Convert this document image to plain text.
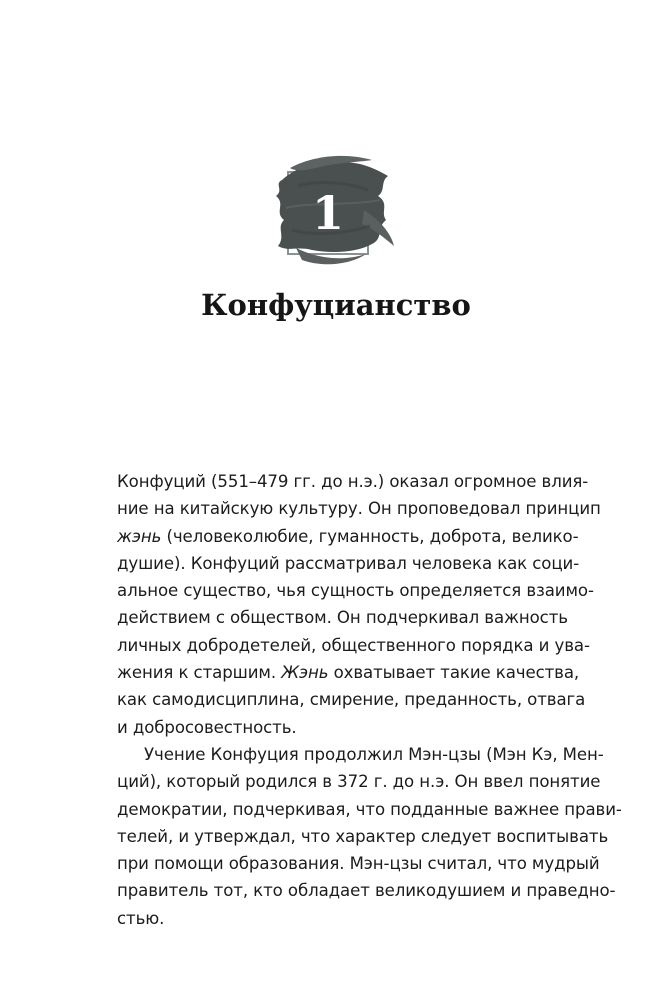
1
Конфуцианство
Конфуций (551–479 гг. до н.э.) оказал огромное влия-
ние на китайскую культуру. Он проповедовал принцип
жэнь (человеколюбие, гуманность, доброта, велико-
душие). Конфуций рассматривал человека как соци-
альное существо, чья сущность определяется взаимо-
действием с обществом. Он подчеркивал важность
личных добродетелей, общественного порядка и ува-
жения к старшим. Жэнь охватывает такие качества,
как самодисциплина, смирение, преданность, отвага
и добросовестность.
Учение Конфуция продолжил Мэн-цзы (Мэн Кэ, Мен-
ций), который родился в 372 г. до н.э. Он ввел понятие
демократии, подчеркивая, что подданные важнее прави-
телей, и утверждал, что характер следует воспитывать
при помощи образования. Мэн-цзы считал, что мудрый
правитель тот, кто обладает великодушием и праведно-
стью.
